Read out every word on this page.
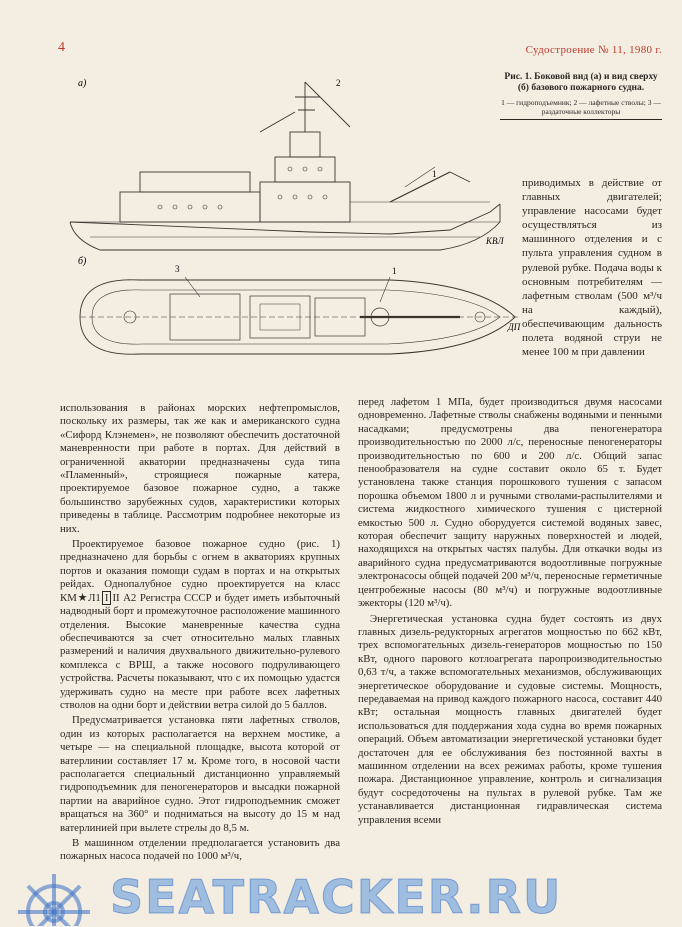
4	Судостроение № 11, 1980 г.
а)	2
1
КВЛ
б)
3	1
ДП
Рис. 1. Боковой вид (а) и вид сверху (б) базового пожарного судна.
1 — гидроподъемник; 2 — лафетные стволы; 3 — раздаточные коллекторы

приводимых в действие от главных двигателей; управление насосами будет осуществляться из машинного отделения и с пульта управления судном в рулевой рубке. Подача воды к основным потребителям — лафетным стволам (500 м³/ч на каждый), обеспечивающим дальность полета водяной струи не менее 100 м при давлении

использования в районах морских нефтепромыслов, поскольку их размеры, так же как и американского судна «Сифорд Клэнемен», не позволяют обеспечить достаточной маневренности при работе в портах. Для действий в ограниченной акватории предназначены суда типа «Пламенный», строящиеся пожарные катера, проектируемое базовое пожарное судно, а также большинство зарубежных судов, характеристики которых приведены в таблице. Рассмотрим подробнее некоторые из них.

Проектируемое базовое пожарное судно (рис. 1) предназначено для борьбы с огнем в акваториях крупных портов и оказания помощи судам в портах и на открытых рейдах. Однопалубное судно проектируется на класс КМ★Л1 I II А2 Регистра СССР и будет иметь избыточный надводный борт и промежуточное расположение машинного отделения. Высокие маневренные качества судна обеспечиваются за счет относительно малых главных размерений и наличия двухвального движительно-рулевого комплекса с ВРШ, а также носового подруливающего устройства. Расчеты показывают, что с их помощью удастся удерживать судно на месте при работе всех лафетных стволов на одни борт и действии ветра силой до 5 баллов.

Предусматривается установка пяти лафетных стволов, один из которых располагается на верхнем мостике, а четыре — на специальной площадке, высота которой от ватерлинии составляет 17 м. Кроме того, в носовой части располагается специальный дистанционно управляемый гидроподъемник для пеногенераторов и высадки пожарной партии на аварийное судно. Этот гидроподъемник сможет вращаться на 360° и подниматься на высоту до 15 м над ватерлинией при вылете стрелы до 8,5 м.

В машинном отделении предполагается установить два пожарных насоса подачей по 1000 м³/ч,

перед лафетом 1 МПа, будет производиться двумя насосами одновременно. Лафетные стволы снабжены водяными и пенными насадками; предусмотрены два пеногенератора производительностью по 2000 л/с, переносные пеногенераторы производительностью по 600 и 200 л/с. Общий запас пенообразователя на судне составит около 65 т. Будет установлена также станция порошкового тушения с запасом порошка объемом 1800 л и ручными стволами-распылителями и система жидкостного химического тушения с цистерной емкостью 500 л. Судно оборудуется системой водяных завес, которая обеспечит защиту наружных поверхностей и людей, находящихся на открытых частях палубы. Для откачки воды из аварийного судна предусматриваются водоотливные погружные электронасосы общей подачей 200 м³/ч, переносные герметичные центробежные насосы (80 м³/ч) и погружные водоотливные эжекторы (120 м³/ч).

Энергетическая установка судна будет состоять из двух главных дизель-редукторных агрегатов мощностью по 662 кВт, трех вспомогательных дизель-генераторов мощностью по 150 кВт, одного парового котлоагрегата паропроизводительностью 0,63 т/ч, а также вспомогательных механизмов, обслуживающих энергетическое оборудование и судовые системы. Мощность, передаваемая на привод каждого пожарного насоса, составит 440 кВт; остальная мощность главных двигателей будет использоваться для поддержания хода судна во время пожарных операций. Объем автоматизации энергетической установки будет достаточен для ее обслуживания без постоянной вахты в машинном отделении на всех режимах работы, кроме тушения пожара. Дистанционное управление, контроль и сигнализация будут сосредоточены на пультах в рулевой рубке. Там же устанавливается дистанционная гидравлическая система управления всеми

SEATRACKER.RU
